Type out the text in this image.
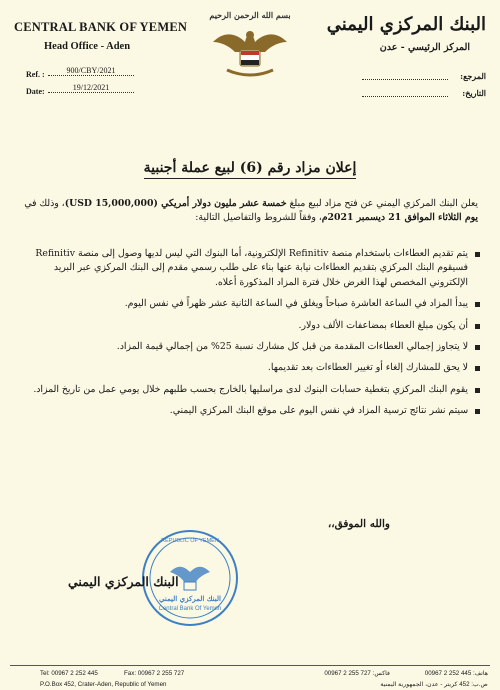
CENTRAL BANK OF YEMEN
Head Office - Aden
Ref. :	900/CBY/2021
Date:	19/12/2021
بسم الله الرحمن الرحيم البنك المركزي اليمني
المركز الرئيسي - عدن
المرجع:
التاريخ:
إعلان مزاد رقم (6) لبيع عملة أجنبية
يعلن البنك المركزي اليمني عن فتح مزاد لبيع مبلغ خمسة عشر مليون دولار أمريكي (15,000,000 USD)، وذلك في يوم الثلاثاء الموافق 21 ديسمبر 2021م، وفقاً للشروط والتفاصيل التالية:
يتم تقديم العطاءات باستخدام منصة Refinitiv الإلكترونية، أما البنوك التي ليس لديها وصول إلى منصة Refinitiv فسيقوم البنك المركزي بتقديم العطاءات نيابة عنها بناء على طلب رسمي مقدم إلى البنك المركزي عبر البريد الإلكتروني المخصص لهذا الغرض خلال فترة المزاد المذكورة أعلاه.
يبدأ المزاد في الساعة العاشرة صباحاً ويغلق في الساعة الثانية عشر ظهراً في نفس اليوم.
أن يكون مبلغ العطاء بمضاعفات الألف دولار.
لا يتجاوز إجمالي العطاءات المقدمة من قبل كل مشارك نسبة 25% من إجمالي قيمة المزاد.
لا يحق للمشارك إلغاء أو تغيير العطاءات بعد تقديمها.
يقوم البنك المركزي بتغطية حسابات البنوك لدى مراسليها بالخارج بحسب طلبهم خلال يومي عمل من تاريخ المزاد.
سيتم نشر نتائج ترسية المزاد في نفس اليوم على موقع البنك المركزي اليمني.
والله الموفق،،
REPUBLIC OF YEMEN
البنك المركزي اليمني
Central Bank Of Yemen
البنك المركزي اليمني
Tel: 00967 2 252 445	Fax: 00967 2 255 727
P.O.Box 452, Crater-Aden, Republic of Yemen
هاتف: 445 252 2 00967
فاكس: 727 255 2 00967
ص.ب: 452 كريتر - عدن، الجمهورية اليمنية
